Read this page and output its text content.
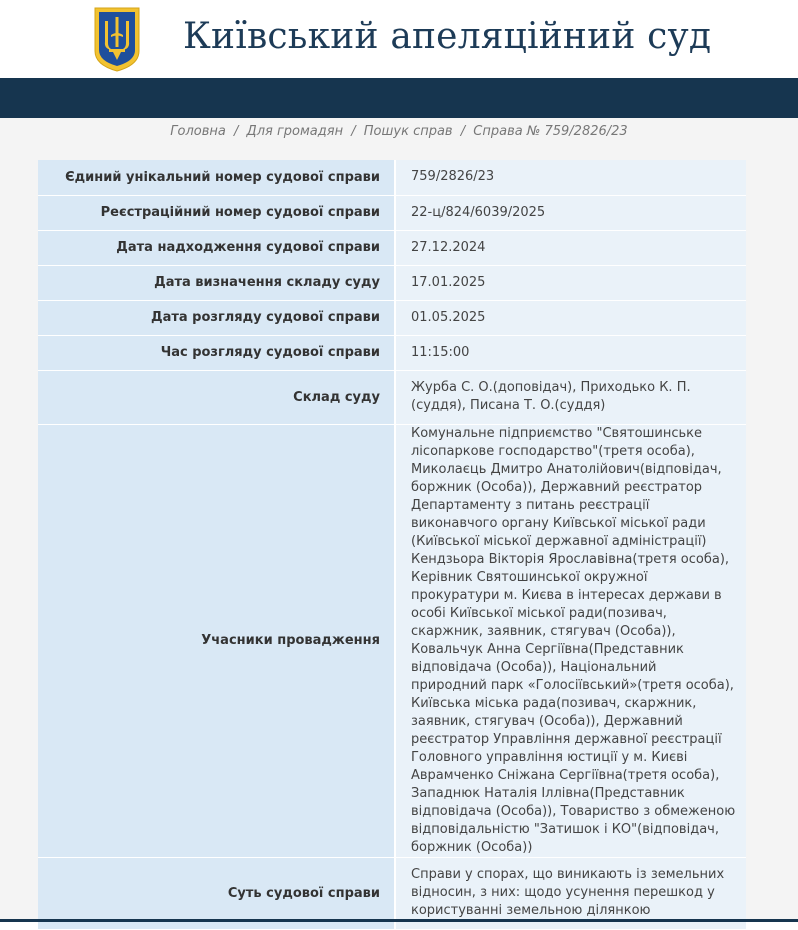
Київський апеляційний суд
Головна / Для громадян / Пошук справ / Справа № 759/2826/23
Єдиний унікальний номер судової справи	759/2826/23
Реєстраційний номер судової справи	22-ц/824/6039/2025
Дата надходження судової справи	27.12.2024
Дата визначення складу суду	17.01.2025
Дата розгляду судової справи	01.05.2025
Час розгляду судової справи	11:15:00
Склад суду	Журба С. О.(доповідач), Приходько К. П.(суддя), Писана Т. О.(суддя)
Учасники провадження	Комунальне підприємство "Святошинське лісопаркове господарство"(третя особа), Миколаєць Дмитро Анатолійович(відповідач, боржник (Особа)), Державний реєстратор Департаменту з питань реєстрації виконавчого органу Київської міської ради (Київської міської державної адміністрації) Кендзьора Вікторія Ярославівна(третя особа), Керівник Святошинської окружної прокуратури м. Києва в інтересах держави в особі Київської міської ради(позивач, скаржник, заявник, стягувач (Особа)), Ковальчук Анна Сергіївна(Представник відповідача (Особа)), Національний природний парк «Голосіївський»(третя особа), Київська міська рада(позивач, скаржник, заявник, стягувач (Особа)), Державний реєстратор Управління державної реєстрації Головного управління юстиції у м. Києві Аврамченко Сніжана Сергіївна(третя особа), Западнюк Наталія Іллівна(Представник відповідача (Особа)), Товариство з обмеженою відповідальністю "Затишок і КО"(відповідач, боржник (Особа))
Суть судової справи	Справи у спорах, що виникають із земельних відносин, з них: щодо усунення перешкод у користуванні земельною ділянкою
